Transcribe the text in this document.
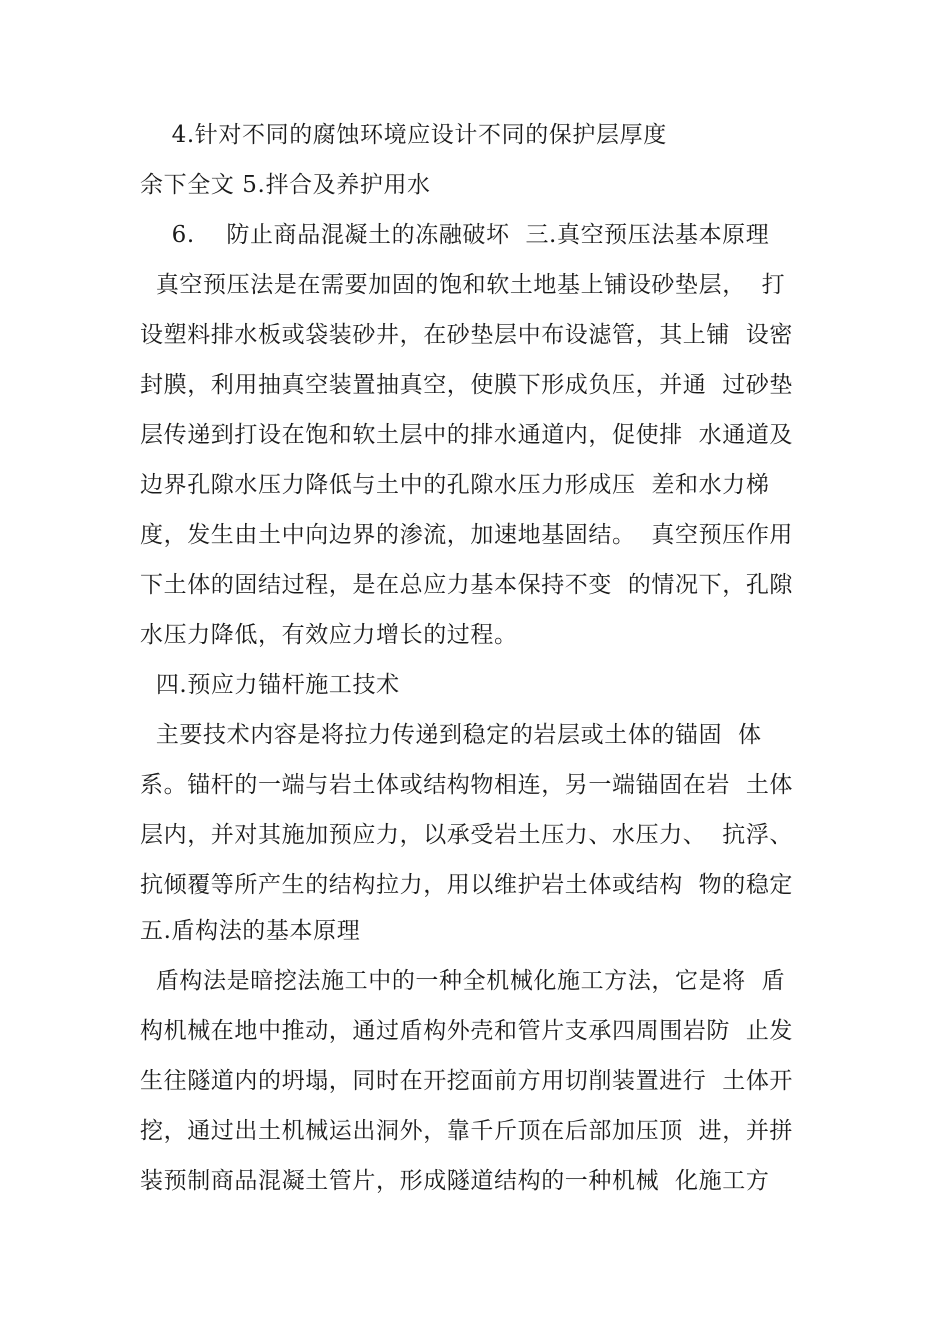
4.针对不同的腐蚀环境应设计不同的保护层厚度
余下全文 5.拌合及养护用水
6.    防止商品混凝土的冻融破坏  三.真空预压法基本原理
真空预压法是在需要加固的饱和软土地基上铺设砂垫层，  打
设塑料排水板或袋装砂井，在砂垫层中布设滤管，其上铺  设密
封膜，利用抽真空装置抽真空，使膜下形成负压，并通  过砂垫
层传递到打设在饱和软土层中的排水通道内，促使排  水通道及
边界孔隙水压力降低与土中的孔隙水压力形成压  差和水力梯
度，发生由土中向边界的渗流，加速地基固结。  真空预压作用
下土体的固结过程，是在总应力基本保持不变  的情况下，孔隙
水压力降低，有效应力增长的过程。
四.预应力锚杆施工技术
主要技术内容是将拉力传递到稳定的岩层或土体的锚固  体
系。锚杆的一端与岩土体或结构物相连，另一端锚固在岩  土体
层内，并对其施加预应力，以承受岩土压力、水压力、  抗浮、
抗倾覆等所产生的结构拉力，用以维护岩土体或结构  物的稳定
五.盾构法的基本原理
盾构法是暗挖法施工中的一种全机械化施工方法，它是将  盾
构机械在地中推动，通过盾构外壳和管片支承四周围岩防  止发
生往隧道内的坍塌，同时在开挖面前方用切削装置进行  土体开
挖，通过出土机械运出洞外，靠千斤顶在后部加压顶  进，并拼
装预制商品混凝土管片，形成隧道结构的一种机械  化施工方
